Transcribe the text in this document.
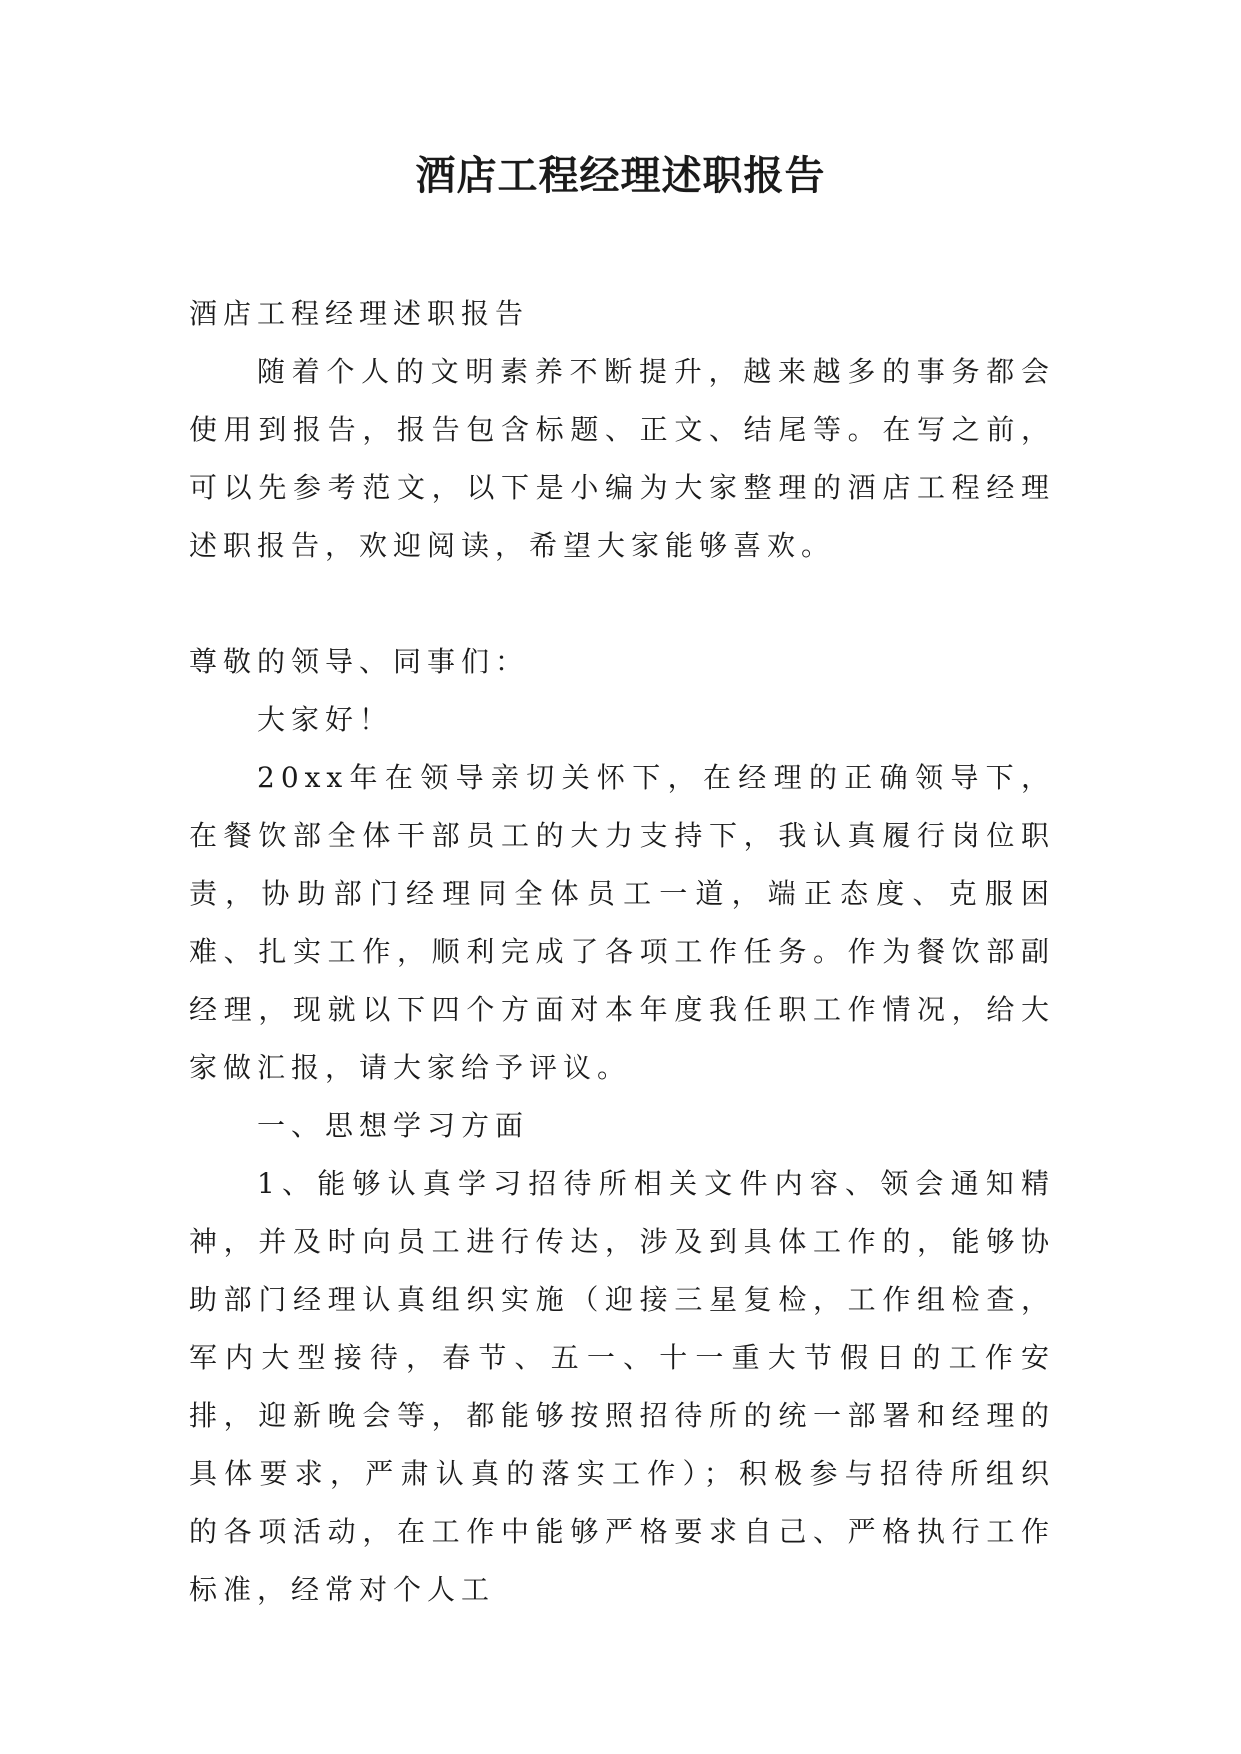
酒店工程经理述职报告

酒店工程经理述职报告

随着个人的文明素养不断提升，越来越多的事务都会使用到报告，报告包含标题、正文、结尾等。在写之前，可以先参考范文，以下是小编为大家整理的酒店工程经理述职报告，欢迎阅读，希望大家能够喜欢。

尊敬的领导、同事们：

大家好！

20xx年在领导亲切关怀下，在经理的正确领导下，在餐饮部全体干部员工的大力支持下，我认真履行岗位职责，协助部门经理同全体员工一道，端正态度、克服困难、扎实工作，顺利完成了各项工作任务。作为餐饮部副经理，现就以下四个方面对本年度我任职工作情况，给大家做汇报，请大家给予评议。

一、思想学习方面

1、能够认真学习招待所相关文件内容、领会通知精神，并及时向员工进行传达，涉及到具体工作的，能够协助部门经理认真组织实施（迎接三星复检，工作组检查，军内大型接待，春节、五一、十一重大节假日的工作安排，迎新晚会等，都能够按照招待所的统一部署和经理的具体要求，严肃认真的落实工作）；积极参与招待所组织的各项活动，在工作中能够严格要求自己、严格执行工作标准，经常对个人工
